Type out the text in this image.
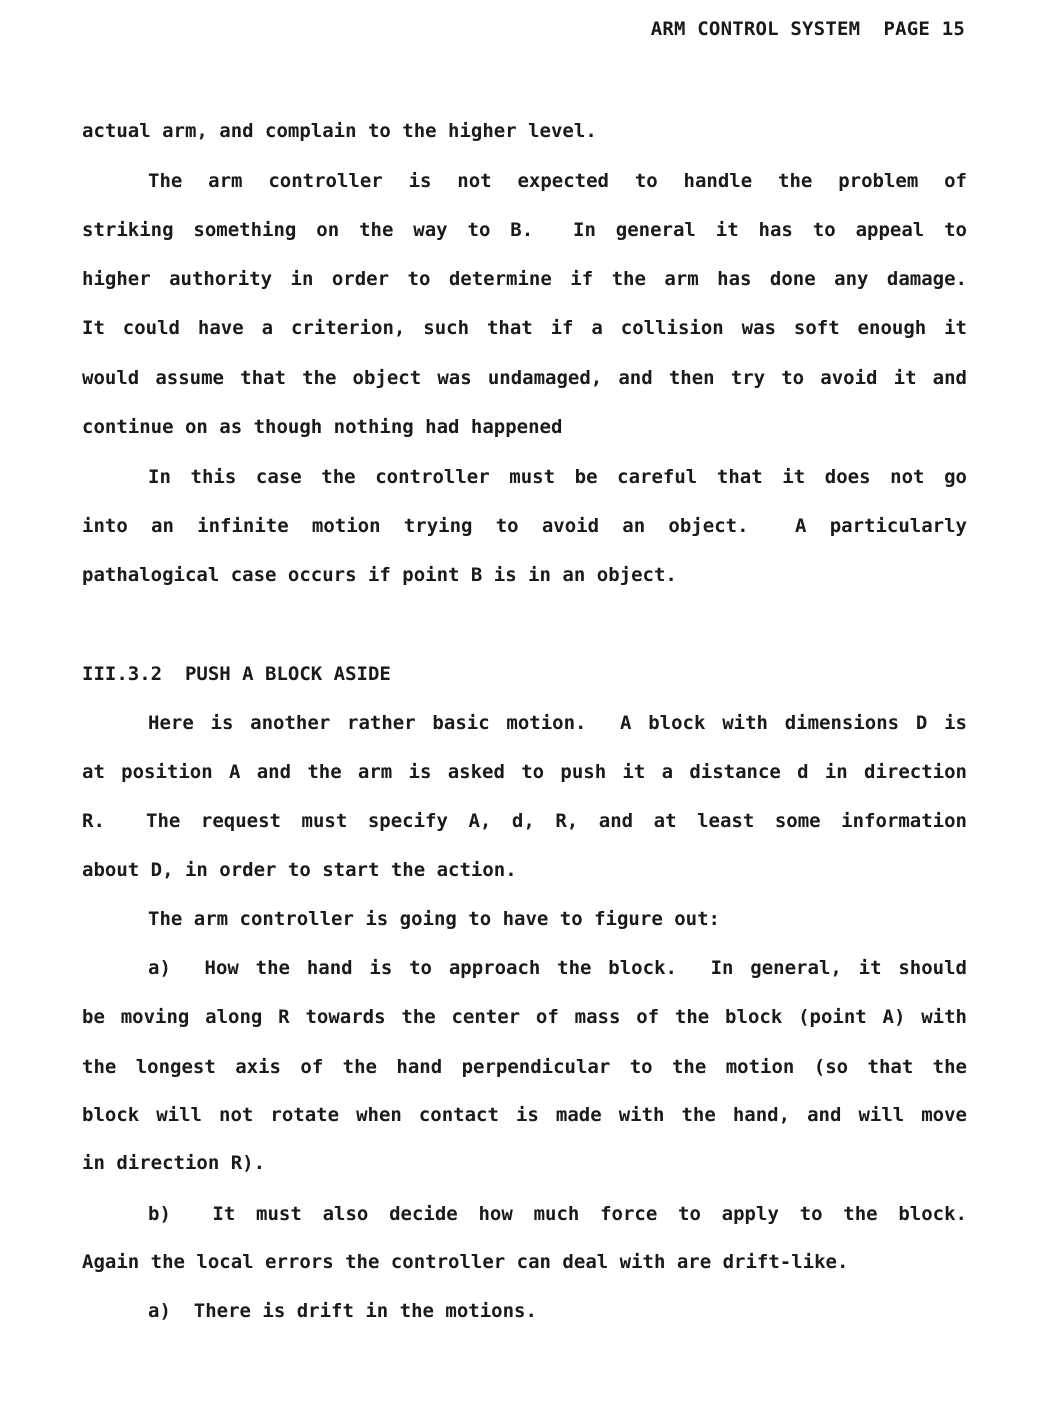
ARM CONTROL SYSTEM  PAGE 15
actual arm, and complain to the higher level.
The arm controller is not expected to handle the problem of
striking something on the way to B.  In general it has to appeal to
higher authority in order to determine if the arm has done any damage.
It could have a criterion, such that if a collision was soft enough it
would assume that the object was undamaged, and then try to avoid it and
continue on as though nothing had happened
In this case the controller must be careful that it does not go
into an infinite motion trying to avoid an object.  A particularly
pathalogical case occurs if point B is in an object.
III.3.2  PUSH A BLOCK ASIDE
Here is another rather basic motion.  A block with dimensions D is
at position A and the arm is asked to push it a distance d in direction
R.  The request must specify A, d, R, and at least some information
about D, in order to start the action.
The arm controller is going to have to figure out:
a)  How the hand is to approach the block.  In general, it should
be moving along R towards the center of mass of the block (point A) with
the longest axis of the hand perpendicular to the motion (so that the
block will not rotate when contact is made with the hand, and will move
in direction R).
b)  It must also decide how much force to apply to the block.
Again the local errors the controller can deal with are drift-like.
a)  There is drift in the motions.
